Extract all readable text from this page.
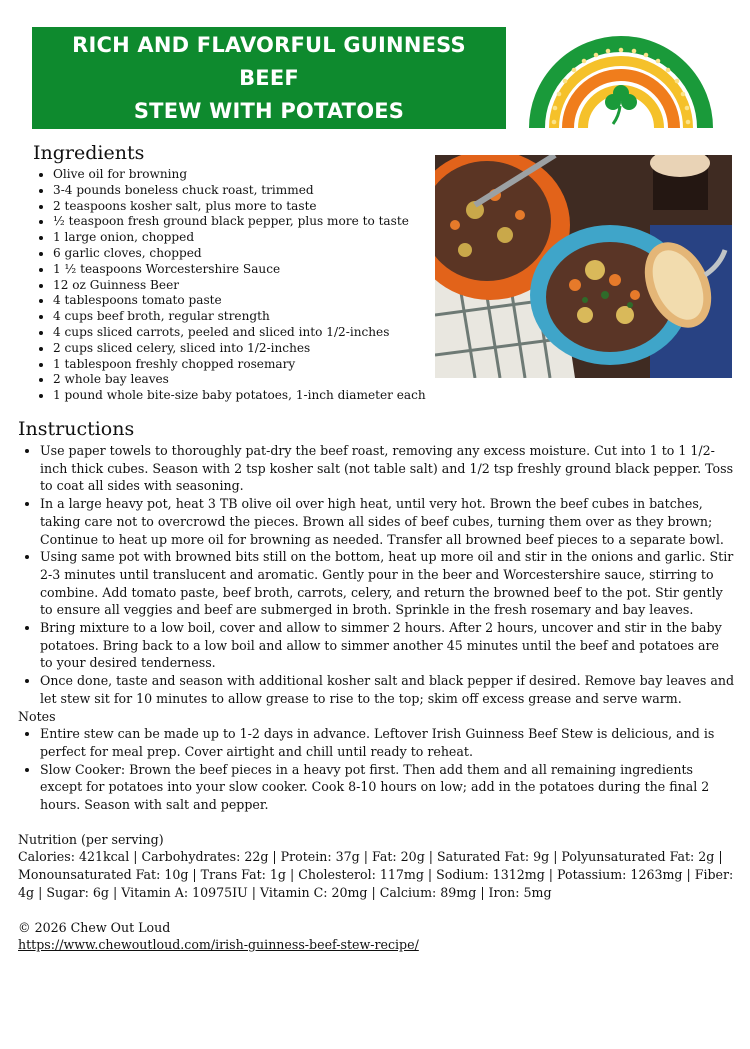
RICH AND FLAVORFUL GUINNESS BEEF
STEW WITH POTATOES
Ingredients
• Olive oil for browning
• 3-4 pounds boneless chuck roast, trimmed
• 2 teaspoons kosher salt, plus more to taste
• ½ teaspoon fresh ground black pepper, plus more to taste
• 1 large onion, chopped
• 6 garlic cloves, chopped
• 1 ½ teaspoons Worcestershire Sauce
• 12 oz Guinness Beer
• 4 tablespoons tomato paste
• 4 cups beef broth, regular strength
• 4 cups sliced carrots, peeled and sliced into 1/2-inches
• 2 cups sliced celery, sliced into 1/2-inches
• 1 tablespoon freshly chopped rosemary
• 2 whole bay leaves
• 1 pound whole bite-size baby potatoes, 1-inch diameter each
Instructions
• Use paper towels to thoroughly pat-dry the beef roast, removing any excess moisture. Cut into 1 to 1 1/2-inch thick cubes. Season with 2 tsp kosher salt (not table salt) and 1/2 tsp freshly ground black pepper. Toss to coat all sides with seasoning.
• In a large heavy pot, heat 3 TB olive oil over high heat, until very hot. Brown the beef cubes in batches, taking care not to overcrowd the pieces. Brown all sides of beef cubes, turning them over as they brown; Continue to heat up more oil for browning as needed. Transfer all browned beef pieces to a separate bowl.
• Using same pot with browned bits still on the bottom, heat up more oil and stir in the onions and garlic. Stir 2-3 minutes until translucent and aromatic. Gently pour in the beer and Worcestershire sauce, stirring to combine. Add tomato paste, beef broth, carrots, celery, and return the browned beef to the pot. Stir gently to ensure all veggies and beef are submerged in broth. Sprinkle in the fresh rosemary and bay leaves.
• Bring mixture to a low boil, cover and allow to simmer 2 hours. After 2 hours, uncover and stir in the baby potatoes. Bring back to a low boil and allow to simmer another 45 minutes until the beef and potatoes are to your desired tenderness.
• Once done, taste and season with additional kosher salt and black pepper if desired. Remove bay leaves and let stew sit for 10 minutes to allow grease to rise to the top; skim off excess grease and serve warm.
Notes
• Entire stew can be made up to 1-2 days in advance. Leftover Irish Guinness Beef Stew is delicious, and is perfect for meal prep. Cover airtight and chill until ready to reheat.
• Slow Cooker: Brown the beef pieces in a heavy pot first. Then add them and all remaining ingredients except for potatoes into your slow cooker. Cook 8-10 hours on low; add in the potatoes during the final 2 hours. Season with salt and pepper.
Nutrition (per serving)
Calories: 421kcal | Carbohydrates: 22g | Protein: 37g | Fat: 20g | Saturated Fat: 9g | Polyunsaturated Fat: 2g | Monounsaturated Fat: 10g | Trans Fat: 1g | Cholesterol: 117mg | Sodium: 1312mg | Potassium: 1263mg | Fiber: 4g | Sugar: 6g | Vitamin A: 10975IU | Vitamin C: 20mg | Calcium: 89mg | Iron: 5mg
© 2026 Chew Out Loud
https://www.chewoutloud.com/irish-guinness-beef-stew-recipe/
